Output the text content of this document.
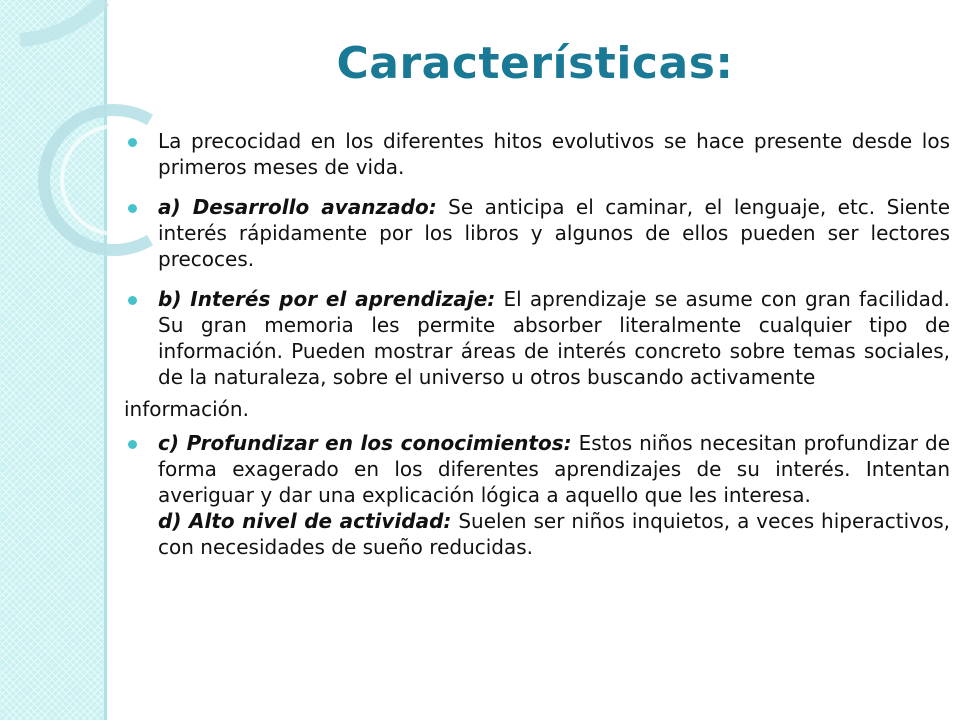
Características:
La precocidad en los diferentes hitos evolutivos se hace presente desde los primeros meses de vida.
a) Desarrollo avanzado: Se anticipa el caminar, el lenguaje, etc. Siente interés rápidamente por los libros y algunos de ellos pueden ser lectores precoces.
b) Interés por el aprendizaje: El aprendizaje se asume con gran facilidad. Su gran memoria les permite absorber literalmente cualquier tipo de información. Pueden mostrar áreas de interés concreto sobre temas sociales, de la naturaleza, sobre el universo u otros buscando activamente
información.
c) Profundizar en los conocimientos: Estos niños necesitan profundizar de forma exagerado en los diferentes aprendizajes de su interés. Intentan averiguar y dar una explicación lógica a aquello que les interesa.
d) Alto nivel de actividad: Suelen ser niños inquietos, a veces hiperactivos, con necesidades de sueño reducidas.
